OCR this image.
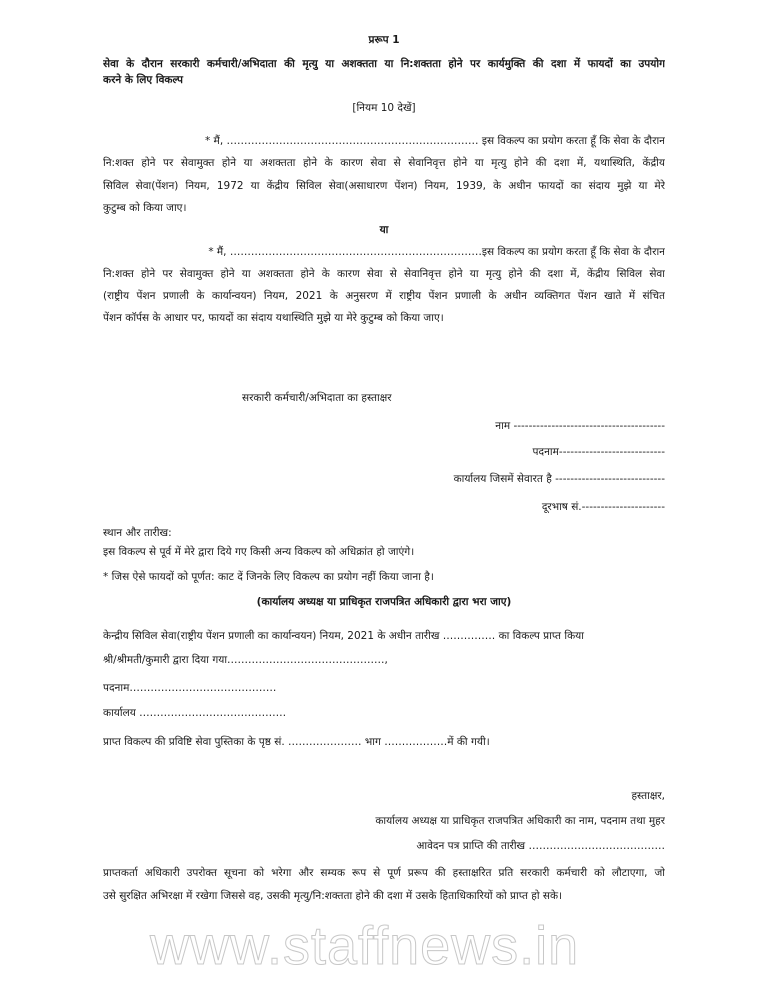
प्ररूप 1
सेवा के दौरान सरकारी कर्मचारी/अभिदाता की मृत्यु या अशक्तता या नि:शक्तता होने पर कार्यमुक्ति की दशा में फायदों का उपयोग
करने के लिए विकल्प
[नियम 10 देखें]
* मैं, ……………………………………………………………… इस विकल्प का प्रयोग करता हूँ कि सेवा के दौरान
नि:शक्त होने पर सेवामुक्त होने या अशक्तता होने के कारण सेवा से सेवानिवृत्त होने या मृत्यु होने की दशा में, यथास्थिति, केंद्रीय
सिविल सेवा(पेंशन) नियम, 1972 या केंद्रीय सिविल सेवा(असाधारण पेंशन) नियम, 1939, के अधीन फायदों का संदाय मुझे या मेरे
कुटुम्ब को किया जाए।
या
* मैं, ………………………………………………………………इस विकल्प का प्रयोग करता हूँ कि सेवा के दौरान
नि:शक्त होने पर सेवामुक्त होने या अशक्तता होने के कारण सेवा से सेवानिवृत्त होने या मृत्यु होने की दशा में, केंद्रीय सिविल सेवा
(राष्ट्रीय पेंशन प्रणाली के कार्यान्वयन) नियम, 2021 के अनुसरण में राष्ट्रीय पेंशन प्रणाली के अधीन व्यक्तिगत पेंशन खाते में संचित
पेंशन कॉर्पस के आधार पर, फायदों का संदाय यथास्थिति मुझे या मेरे कुटुम्ब को किया जाए।
सरकारी कर्मचारी/अभिदाता का हस्ताक्षर
नाम ----------------------------------------
पदनाम----------------------------
कार्यालय जिसमें सेवारत है -----------------------------
दूरभाष सं.----------------------
स्थान और तारीख:
इस विकल्प से पूर्व में मेरे द्वारा दिये गए किसी अन्य विकल्प को अधिक्रांत हो जाएंगे।
* जिस ऐसे फायदों को पूर्णत: काट दें जिनके लिए विकल्प का प्रयोग नहीं किया जाना है।
(कार्यालय अध्यक्ष या प्राधिकृत राजपत्रित अधिकारी द्वारा भरा जाए)
केन्द्रीय सिविल सेवा(राष्ट्रीय पेंशन प्रणाली का कार्यान्वयन) नियम, 2021 के अधीन तारीख …………… का विकल्प प्राप्त किया
श्री/श्रीमती/कुमारी द्वारा दिया गया………………………………………,
पदनाम……………………………………
कार्यालय ……………………………………
प्राप्त विकल्प की प्रविष्टि सेवा पुस्तिका के पृष्ठ सं. ………………… भाग ………………में की गयी।
हस्ताक्षर,
कार्यालय अध्यक्ष या प्राधिकृत राजपत्रित अधिकारी का नाम, पदनाम तथा मुहर
आवेदन पत्र प्राप्ति की तारीख …………………………………
प्राप्तकर्ता अधिकारी उपरोक्त सूचना को भरेगा और सम्यक रूप से पूर्ण प्ररूप की हस्ताक्षरित प्रति सरकारी कर्मचारी को लौटाएगा, जो
उसे सुरक्षित अभिरक्षा में रखेगा जिससे वह, उसकी मृत्यु/नि:शक्तता होने की दशा में उसके हिताधिकारियों को प्राप्त हो सके।
www.staffnews.in
